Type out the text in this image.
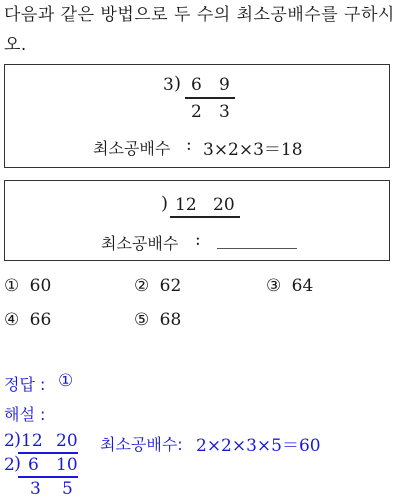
다음과 같은 방법으로 두 수의 최소공배수를 구하시
오.
3 ) 6 9
2 3
최소공배수 : 3×2×3＝18
) 12 20
최소공배수 :
① 60	② 62	③ 64
④ 66	⑤ 68
정답 : ①
해설 :
2 ) 12 20
2 ) 6 10
3 5
최소공배수: 2×2×3×5＝60
